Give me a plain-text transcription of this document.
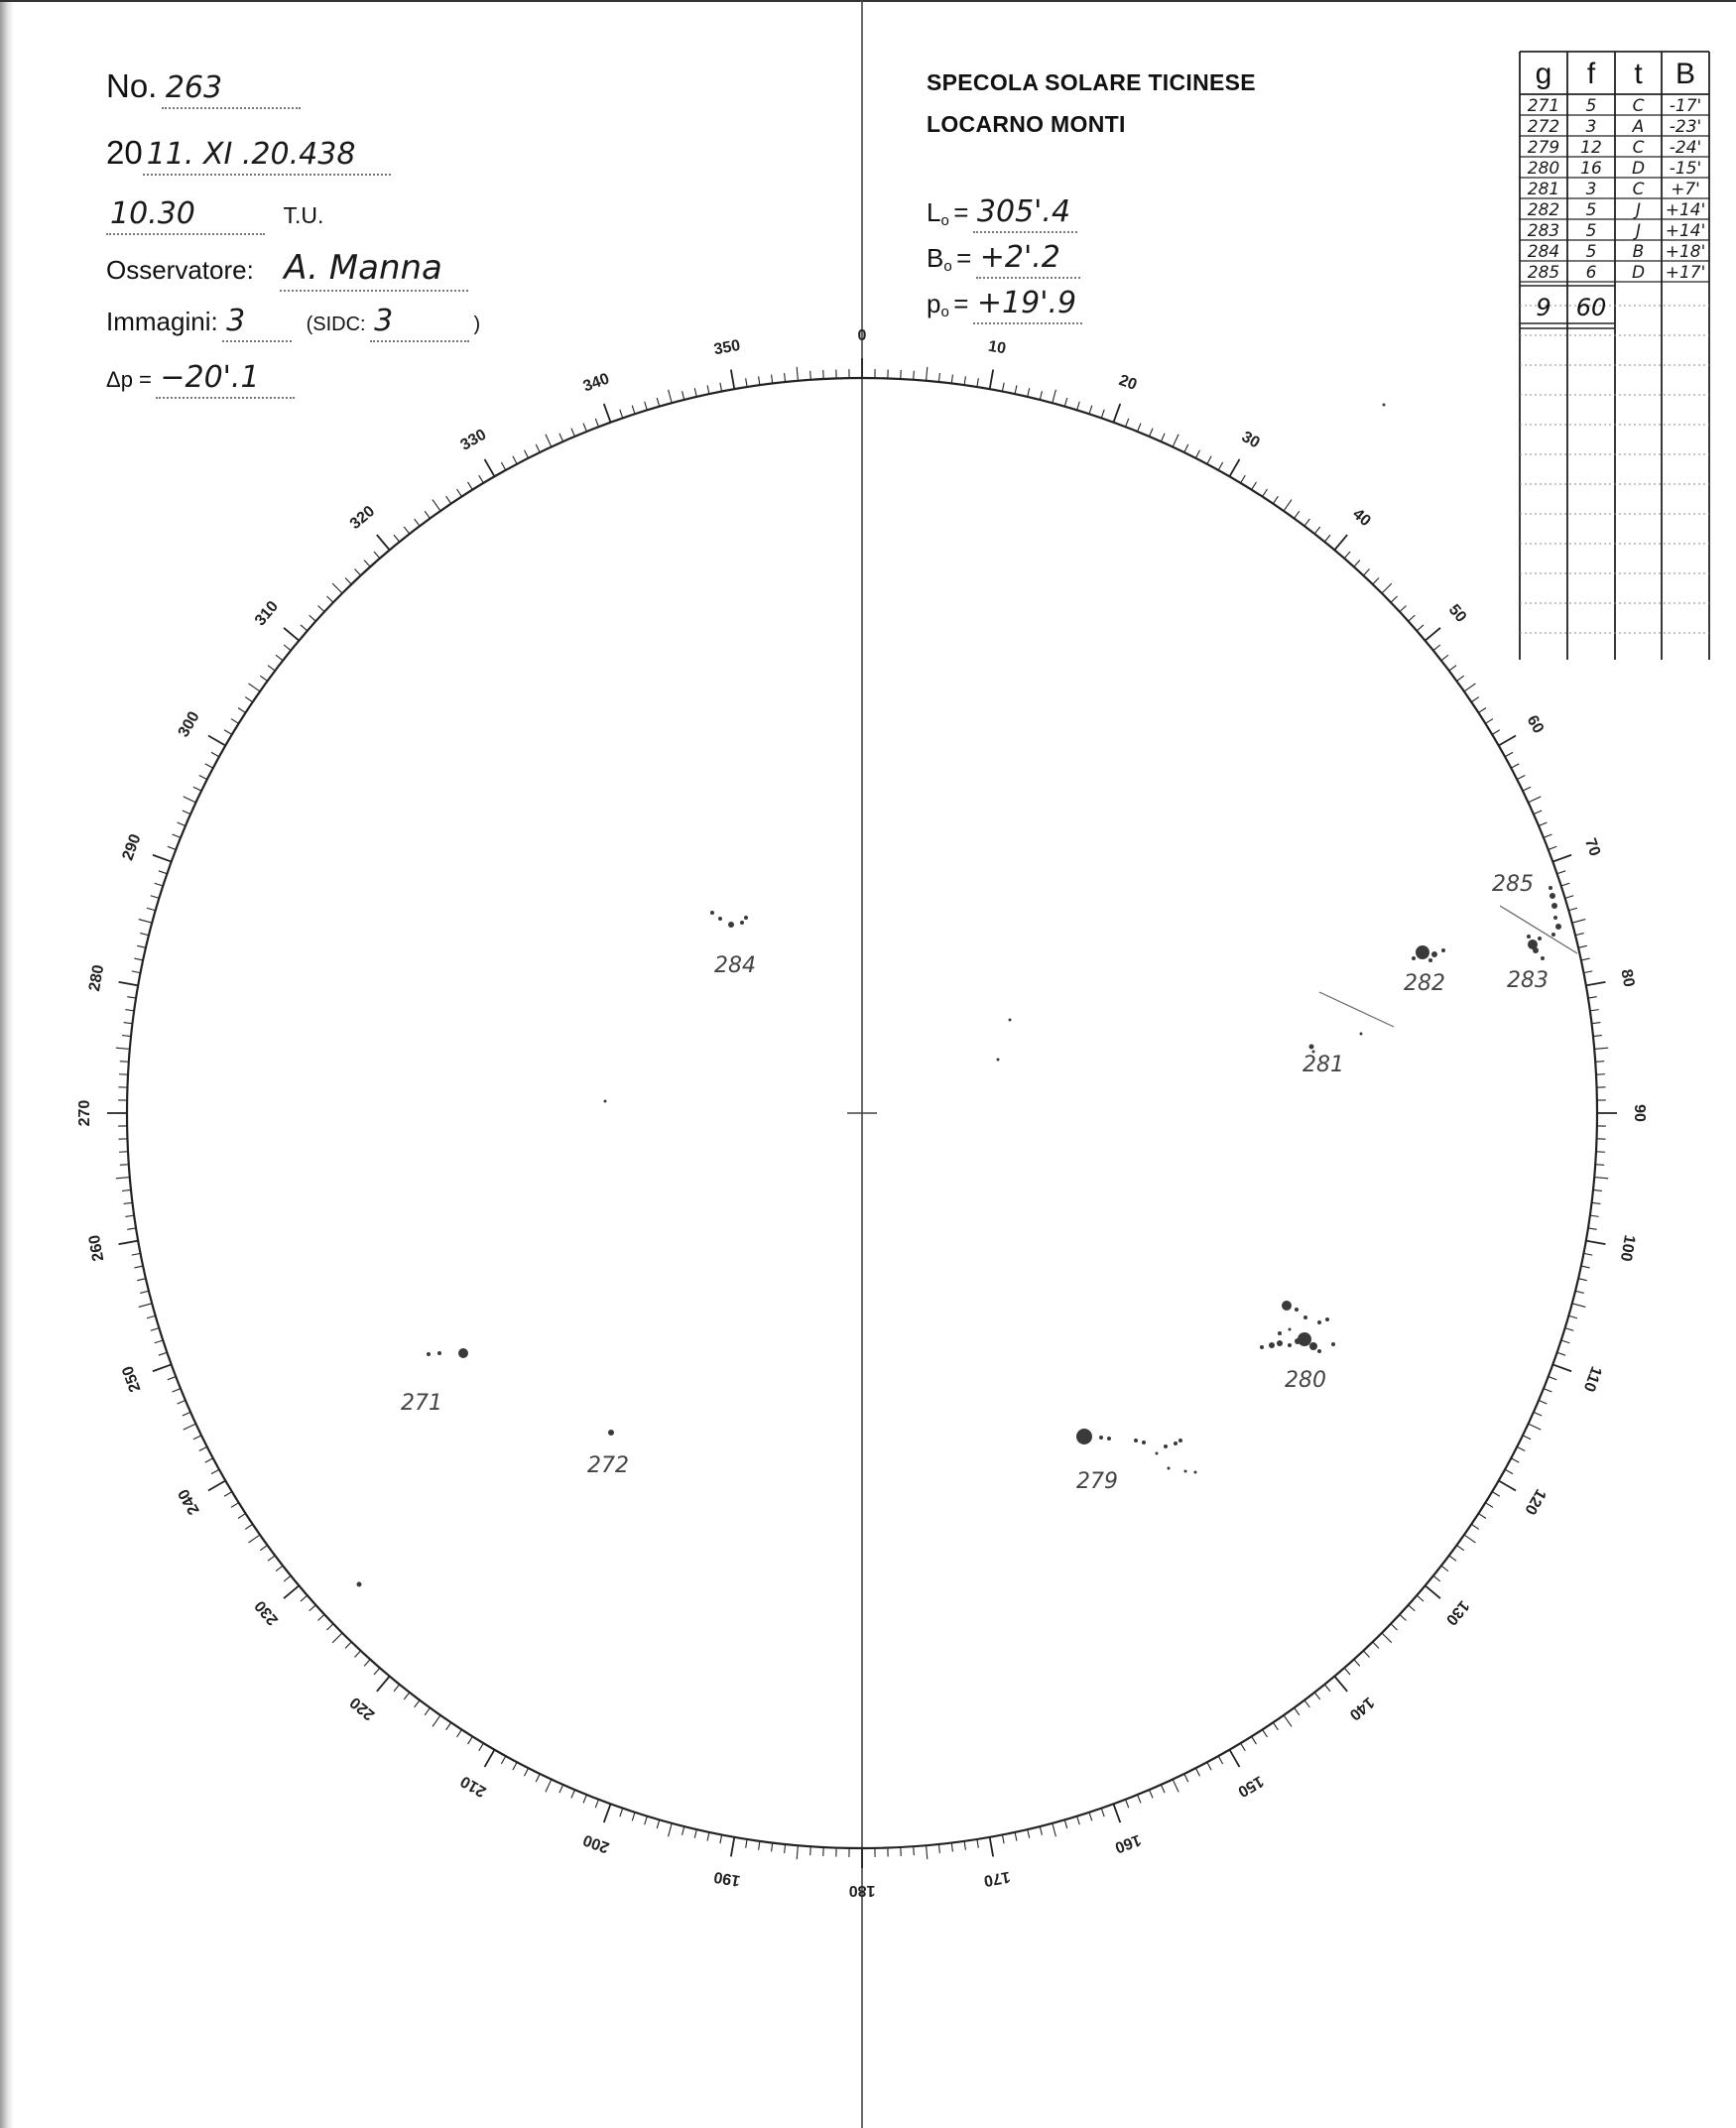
No. 263
20 11. XI .20.438
10.30	T.U.
Osservatore: A. Manna
Immagini: 3	(SIDC: 3	)
Δp = −20'.1
SPECOLA SOLARE TICINESE
LOCARNO MONTI
Lo = 305'.4
Bo = +2'.2
po = +19'.9
0
10
20
30
40
50
60
70
80
90
100
110
120
130
140
150
160
170
180
190
200
210
220
230
240
250
260
270
280
290
300
310
320
330
340
350
271
272
279
280
281
282	283
284
285
g f t B
271 5 C -17'
272 3 A -23'
279 12 C -24'
280 16 D -15'
281 3 C +7'
282 5 J +14'
283 5 J +14'
284 5 B +18'
285 6 D +17'
9 60
